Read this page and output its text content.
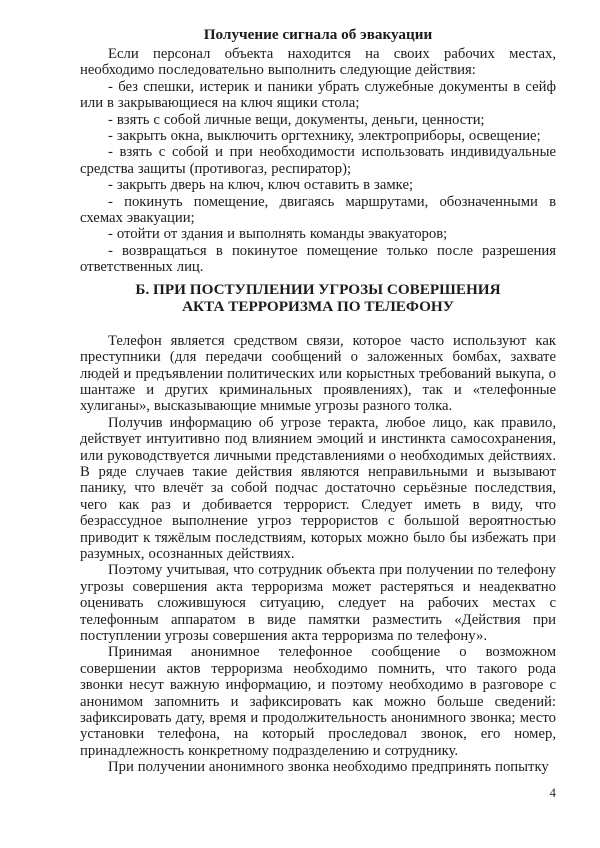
Получение сигнала об эвакуации

Если персонал объекта находится на своих рабочих местах, необходимо последовательно выполнить следующие действия:

- без спешки, истерик и паники убрать служебные документы в сейф или в закрывающиеся на ключ ящики стола;

- взять с собой личные вещи, документы, деньги, ценности;

- закрыть окна, выключить оргтехнику, электроприборы, освещение;

- взять с собой и при необходимости использовать индивидуальные средства защиты (противогаз, респиратор);

- закрыть дверь на ключ, ключ оставить в замке;

- покинуть помещение, двигаясь маршрутами, обозначенными в схемах эвакуации;

- отойти от здания и выполнять команды эвакуаторов;

- возвращаться в покинутое помещение только после разрешения ответственных лиц.

Б. ПРИ ПОСТУПЛЕНИИ УГРОЗЫ СОВЕРШЕНИЯ
АКТА ТЕРРОРИЗМА ПО ТЕЛЕФОНУ

Телефон является средством связи, которое часто используют как преступники (для передачи сообщений о заложенных бомбах, захвате людей и предъявлении политических или корыстных требований выкупа, о шантаже и других криминальных проявлениях), так и «телефонные хулиганы», высказывающие мнимые угрозы разного толка.

Получив информацию об угрозе теракта, любое лицо, как правило, действует интуитивно под влиянием эмоций и инстинкта самосохранения, или руководствуется личными представлениями о необходимых действиях. В ряде случаев такие действия являются неправильными и вызывают панику, что влечёт за собой подчас достаточно серьёзные последствия, чего как раз и добивается террорист. Следует иметь в виду, что безрассудное выполнение угроз террористов с большой вероятностью приводит к тяжёлым последствиям, которых можно было бы избежать при разумных, осознанных действиях.

Поэтому учитывая, что сотрудник объекта при получении по телефону угрозы совершения акта терроризма может растеряться и неадекватно оценивать сложившуюся ситуацию, следует на рабочих местах с телефонным аппаратом в виде памятки разместить «Действия при поступлении угрозы совершения акта терроризма по телефону».

Принимая анонимное телефонное сообщение о возможном совершении актов терроризма необходимо помнить, что такого рода звонки несут важную информацию, и поэтому необходимо в разговоре с анонимом запомнить и зафиксировать как можно больше сведений: зафиксировать дату, время и продолжительность анонимного звонка; место установки телефона, на который проследовал звонок, его номер, принадлежность конкретному подразделению и сотруднику.

При получении анонимного звонка необходимо предпринять попытку

4
